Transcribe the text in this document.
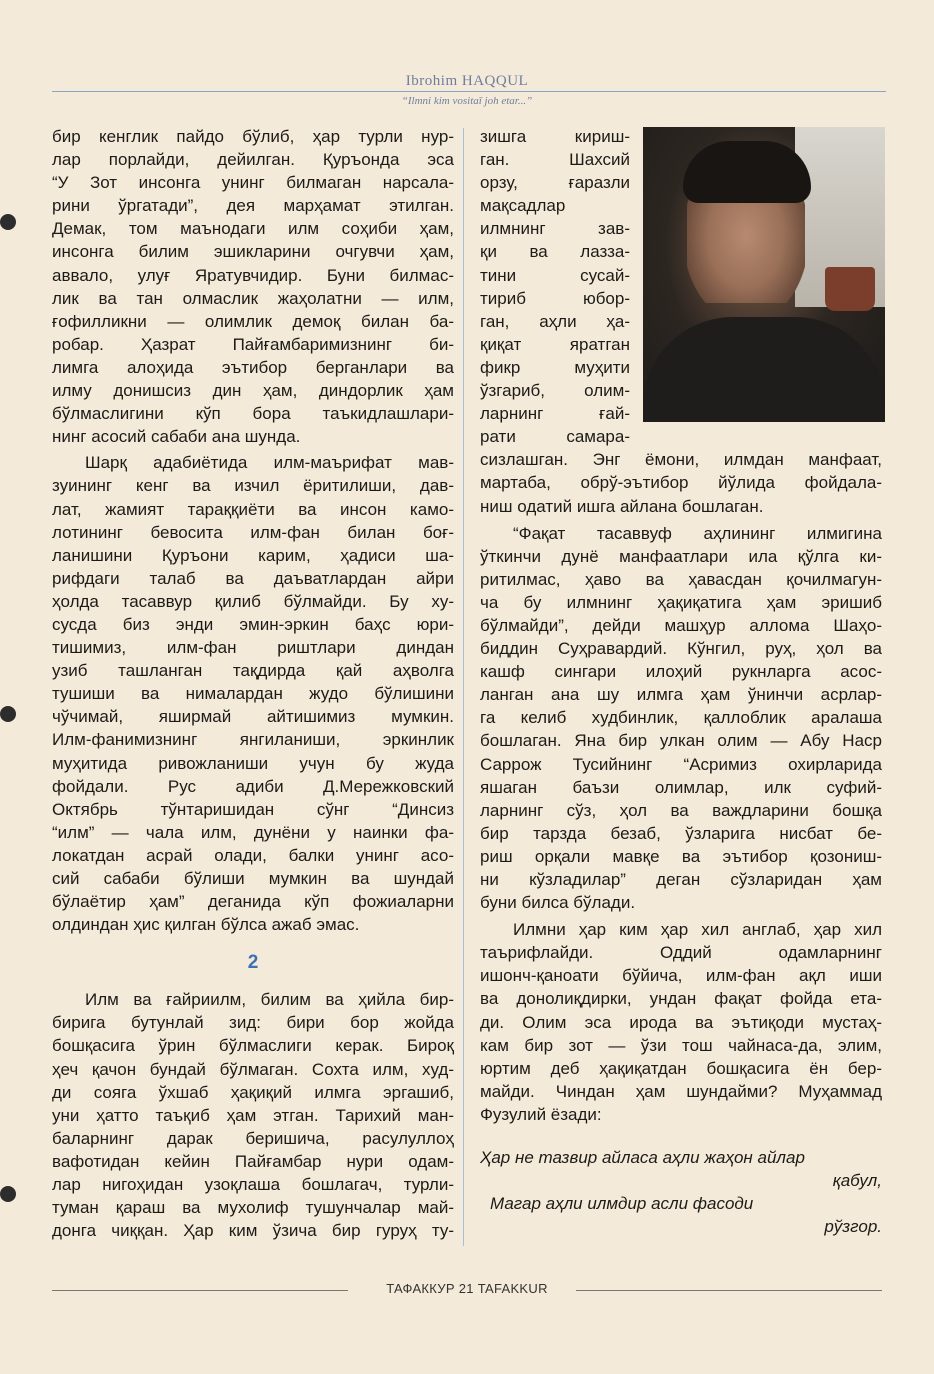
Ibrohim HAQQUL
“Ilmni kim vositaī joh etar...”
бир кенглик пайдо бўлиб, ҳар турли нур-
лар порлайди, дейилган. Қуръонда эса
“У Зот инсонга унинг билмаган нарсала-
рини ўргатади”, дея марҳамат этилган.
Демак, том маънодаги илм соҳиби ҳам,
инсонга билим эшикларини очгувчи ҳам,
аввало, улуғ Яратувчидир. Буни билмас-
лик ва тан олмаслик жаҳолатни — илм,
ғофилликни — олимлик демоқ билан ба-
робар. Ҳазрат Пайғамбаримизнинг би-
лимга алоҳида эътибор берганлари ва
илму донишсиз дин ҳам, диндорлик ҳам
бўлмаслигини кўп бора таъкидлашлари-
нинг асосий сабаби ана шунда.
Шарқ адабиётида илм-маърифат мав-
зуининг кенг ва изчил ёритилиши, дав-
лат, жамият тараққиёти ва инсон камо-
лотининг бевосита илм-фан билан боғ-
ланишини Қуръони карим, ҳадиси ша-
рифдаги талаб ва даъватлардан айри
ҳолда тасаввур қилиб бўлмайди. Бу ху-
сусда биз энди эмин-эркин баҳс юри-
тишимиз, илм-фан риштлари диндан
узиб ташланган тақдирда қай аҳволга
тушиши ва нималардан жудо бўлишини
чўчимай, яширмай айтишимиз мумкин.
Илм-фанимизнинг янгиланиши, эркинлик
муҳитида ривожланиши учун бу жуда
фойдали. Рус адиби Д.Мережковский
Октябрь тўнтаришидан сўнг “Динсиз
“илм” — чала илм, дунёни у наинки фа-
локатдан асрай олади, балки унинг асо-
сий сабаби бўлиши мумкин ва шундай
бўлаётир ҳам” деганида кўп фожиаларни
олдиндан ҳис қилган бўлса ажаб эмас.
2
Илм ва ғайриилм, билим ва ҳийла бир-
бирига бутунлай зид: бири бор жойда
бошқасига ўрин бўлмаслиги керак. Бироқ
ҳеч қачон бундай бўлмаган. Сохта илм, худ-
ди сояга ўхшаб ҳақиқий илмга эргашиб,
уни ҳатто таъқиб ҳам этган. Тарихий ман-
баларнинг дарак беришича, расулуллоҳ
вафотидан кейин Пайғамбар нури одам-
лар нигоҳидан узоқлаша бошлагач, турли-
туман қараш ва мухолиф тушунчалар май-
донга чиққан. Ҳар ким ўзича бир гуруҳ ту-
зишга кириш-
ган. Шахсий
орзу, ғаразли
мақсадлар
илмнинг зав-
қи ва лазза-
тини сусай-
тириб юбор-
ган, аҳли ҳа-
қиқат яратган
фикр муҳити
ўзгариб, олим-
ларнинг ғай-
рати самара-
сизлашган. Энг ёмони, илмдан манфаат,
мартаба, обрў-эътибор йўлида фойдала-
ниш одатий ишга айлана бошлаган.
“Фақат тасаввуф аҳлининг илмигина
ўткинчи дунё манфаатлари ила қўлга ки-
ритилмас, ҳаво ва ҳавасдан қочилмагун-
ча бу илмнинг ҳақиқатига ҳам эришиб
бўлмайди”, дейди машҳур аллома Шаҳо-
биддин Суҳравардий. Кўнгил, руҳ, ҳол ва
кашф сингари илоҳий рукнларга асос-
ланган ана шу илмга ҳам ўнинчи асрлар-
га келиб худбинлик, қаллоблик аралаша
бошлаган. Яна бир улкан олим — Абу Наср
Саррож Тусийнинг “Асримиз охирларида
яшаган баъзи олимлар, илк суфий-
ларнинг сўз, ҳол ва важдларини бошқа
бир тарзда безаб, ўзларига нисбат бе-
риш орқали мавқе ва эътибор қозониш-
ни кўзладилар” деган сўзларидан ҳам
буни билса бўлади.
Илмни ҳар ким ҳар хил англаб, ҳар хил
таърифлайди. Оддий одамларнинг
ишонч-қаноати бўйича, илм-фан ақл иши
ва донолиқдирки, ундан фақат фойда ета-
ди. Олим эса ирода ва эътиқоди мустаҳ-
кам бир зот — ўзи тош чайнаса-да, элим,
юртим деб ҳақиқатдан бошқасига ён бер-
майди. Чиндан ҳам шундайми? Муҳаммад
Фузулий ёзади:
Ҳар не тазвир айласа аҳли жаҳон айлар
қабул,
Магар аҳли илмдир асли фасоди
рўзгор.
ТАФАККУР 21 TAFAKKUR
